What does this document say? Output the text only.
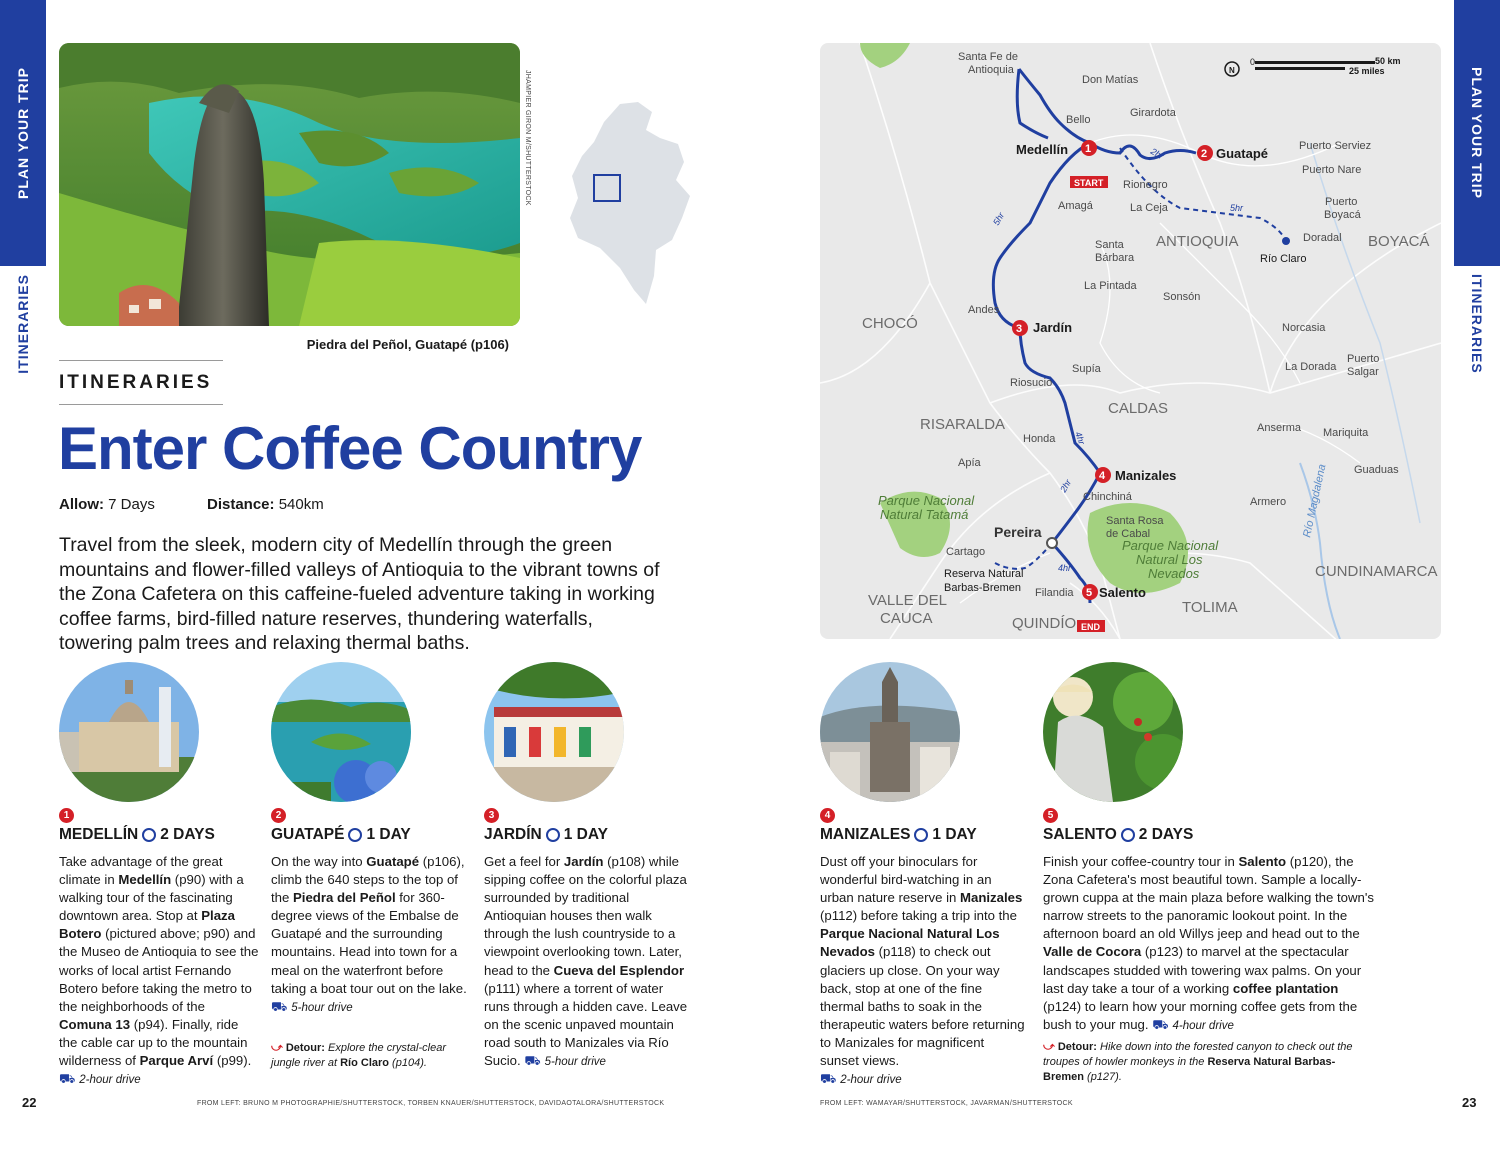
PLAN YOUR TRIP
ITINERARIES
PLAN YOUR TRIP
ITINERARIES
JHAMPIER GIRON M/SHUTTERSTOCK
Piedra del Peñol, Guatapé (p106)
ITINERARIES
Enter Coffee Country
Allow: 7 Days	Distance: 540km
Travel from the sleek, modern city of Medellín through the green mountains and flower-filled valleys of Antioquia to the vibrant towns of the Zona Cafetera on this caffeine-fueled adventure taking in working coffee farms, bird-filled nature reserves, thundering waterfalls, towering palm trees and relaxing thermal baths.
1
MEDELLÍN 2 DAYS
Take advantage of the great climate in Medellín (p90) with a walking tour of the fascinating downtown area. Stop at Plaza Botero (pictured above; p90) and the Museo de Antioquia to see the works of local artist Fernando Botero before taking the metro to the neighborhoods of the Comuna 13 (p94). Finally, ride the cable car up to the mountain wilderness of Parque Arví (p99). ⛟ 2-hour drive
2
GUATAPÉ 1 DAY
On the way into Guatapé (p106), climb the 640 steps to the top of the Piedra del Peñol for 360-degree views of the Embalse de Guatapé and the surrounding mountains. Head into town for a meal on the waterfront before taking a boat tour out on the lake.
⛟ 5-hour drive
⤻ Detour: Explore the crystal-clear jungle river at Río Claro (p104).
3
JARDÍN 1 DAY
Get a feel for Jardín (p108) while sipping coffee on the colorful plaza surrounded by traditional Antioquian houses then walk through the lush countryside to a viewpoint overlooking town. Later, head to the Cueva del Esplendor (p111) where a torrent of water runs through a hidden cave. Leave on the scenic unpaved mountain road south to Manizales via Río Sucio. ⛟ 5-hour drive
4
MANIZALES 1 DAY
Dust off your binoculars for wonderful bird-watching in an urban nature reserve in Manizales (p112) before taking a trip into the Parque Nacional Natural Los Nevados (p118) to check out glaciers up close. On your way back, stop at one of the fine thermal baths to soak in the therapeutic waters before returning to Manizales for magnificent sunset views.
⛟ 2-hour drive
5
SALENTO 2 DAYS
Finish your coffee-country tour in Salento (p120), the Zona Cafetera's most beautiful town. Sample a locally-grown cuppa at the main plaza before walking the town's narrow streets to the panoramic lookout point. In the afternoon board an old Willys jeep and head out to the Valle de Cocora (p123) to marvel at the spectacular landscapes studded with towering wax palms. On your last day take a tour of a working coffee plantation (p124) to learn how your morning coffee gets from the bush to your mug. ⛟ 4-hour drive
⤻ Detour: Hike down into the forested canyon to check out the troupes of howler monkeys in the Reserva Natural Barbas-Bremen (p127).
22	FROM LEFT: BRUNO M PHOTOGRAPHIE/SHUTTERSTOCK, TORBEN KNAUER/SHUTTERSTOCK, DAVIDAOTALORA/SHUTTERSTOCK	FROM LEFT: WAMAYAR/SHUTTERSTOCK, JAVARMAN/SHUTTERSTOCK	23
ANTIOQUIA	BOYACÁ
CHOCÓ
CALDAS
RISARALDA
CUNDINAMARCA
TOLIMA
VALLE DEL
CAUCA	QUINDÍO
Parque Nacional
Natural Tatamá
Parque Nacional
Natural Los
Nevados
Río Magdalena
Santa Fe de
Antioquia
Don Matías
Bello
Girardota
Rionegro
Amagá	La Ceja
Santa
Bárbara
La Pintada
Sonsón
Andes
Puerto Serviez
Puerto Nare
Puerto
Boyacá
Doradal
Río Claro
Norcasia
La Dorada
Puerto
Salgar
Supía
Riosucio
Anserma Mariquita
Honda
Apía
Chinchiná
Guaduas
Armero
Pereira
Santa Rosa
de Cabal
Cartago
Reserva Natural
Barbas-Bremen Filandia
2hr
5hr
5hr
4hr
2hr
4hr
1
Medellín
START
2 Guatapé
3 Jardín
4 Manizales
5 Salento
END
N
0	50 km
25 miles
